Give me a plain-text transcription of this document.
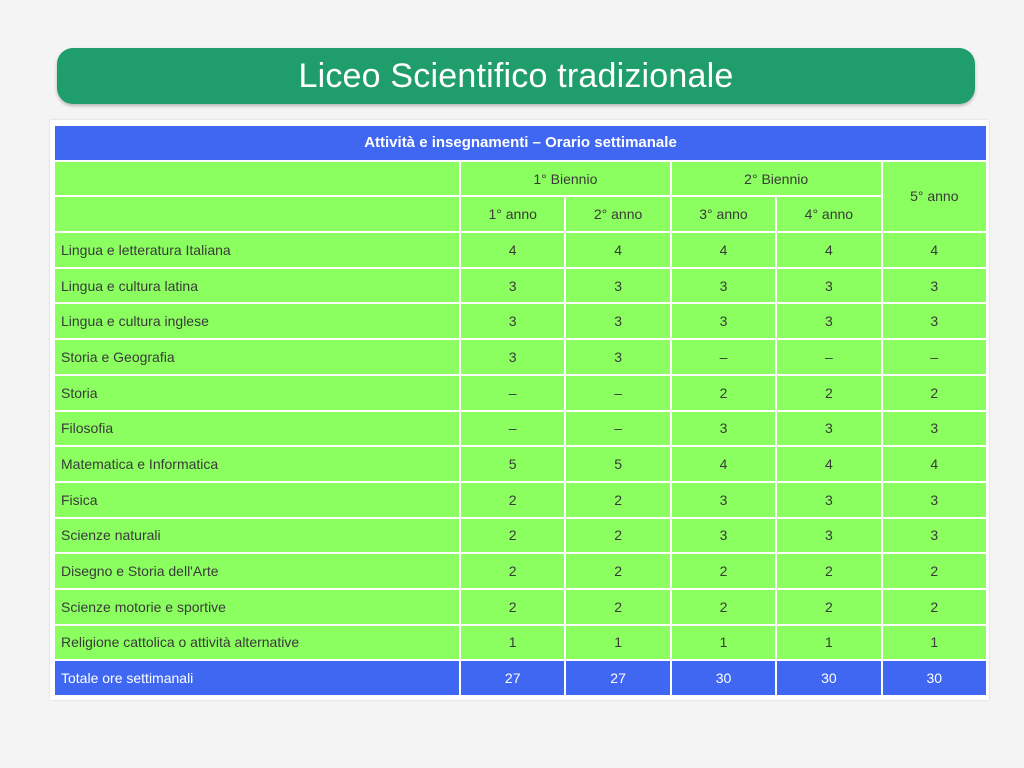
Liceo Scientifico tradizionale
Attività e insegnamenti – Orario settimanale					
	1° Biennio		2° Biennio		5° anno
	1° anno	2° anno	3° anno	4° anno	
Lingua e letteratura Italiana	4	4	4	4	4
Lingua e cultura latina	3	3	3	3	3
Lingua e cultura inglese	3	3	3	3	3
Storia e Geografia	3	3	–	–	–
Storia	–	–	2	2	2
Filosofia	–	–	3	3	3
Matematica e Informatica	5	5	4	4	4
Fisica	2	2	3	3	3
Scienze naturali	2	2	3	3	3
Disegno e Storia dell'Arte	2	2	2	2	2
Scienze motorie e sportive	2	2	2	2	2
Religione cattolica o attività alternative	1	1	1	1	1
Totale ore settimanali	27	27	30	30	30
